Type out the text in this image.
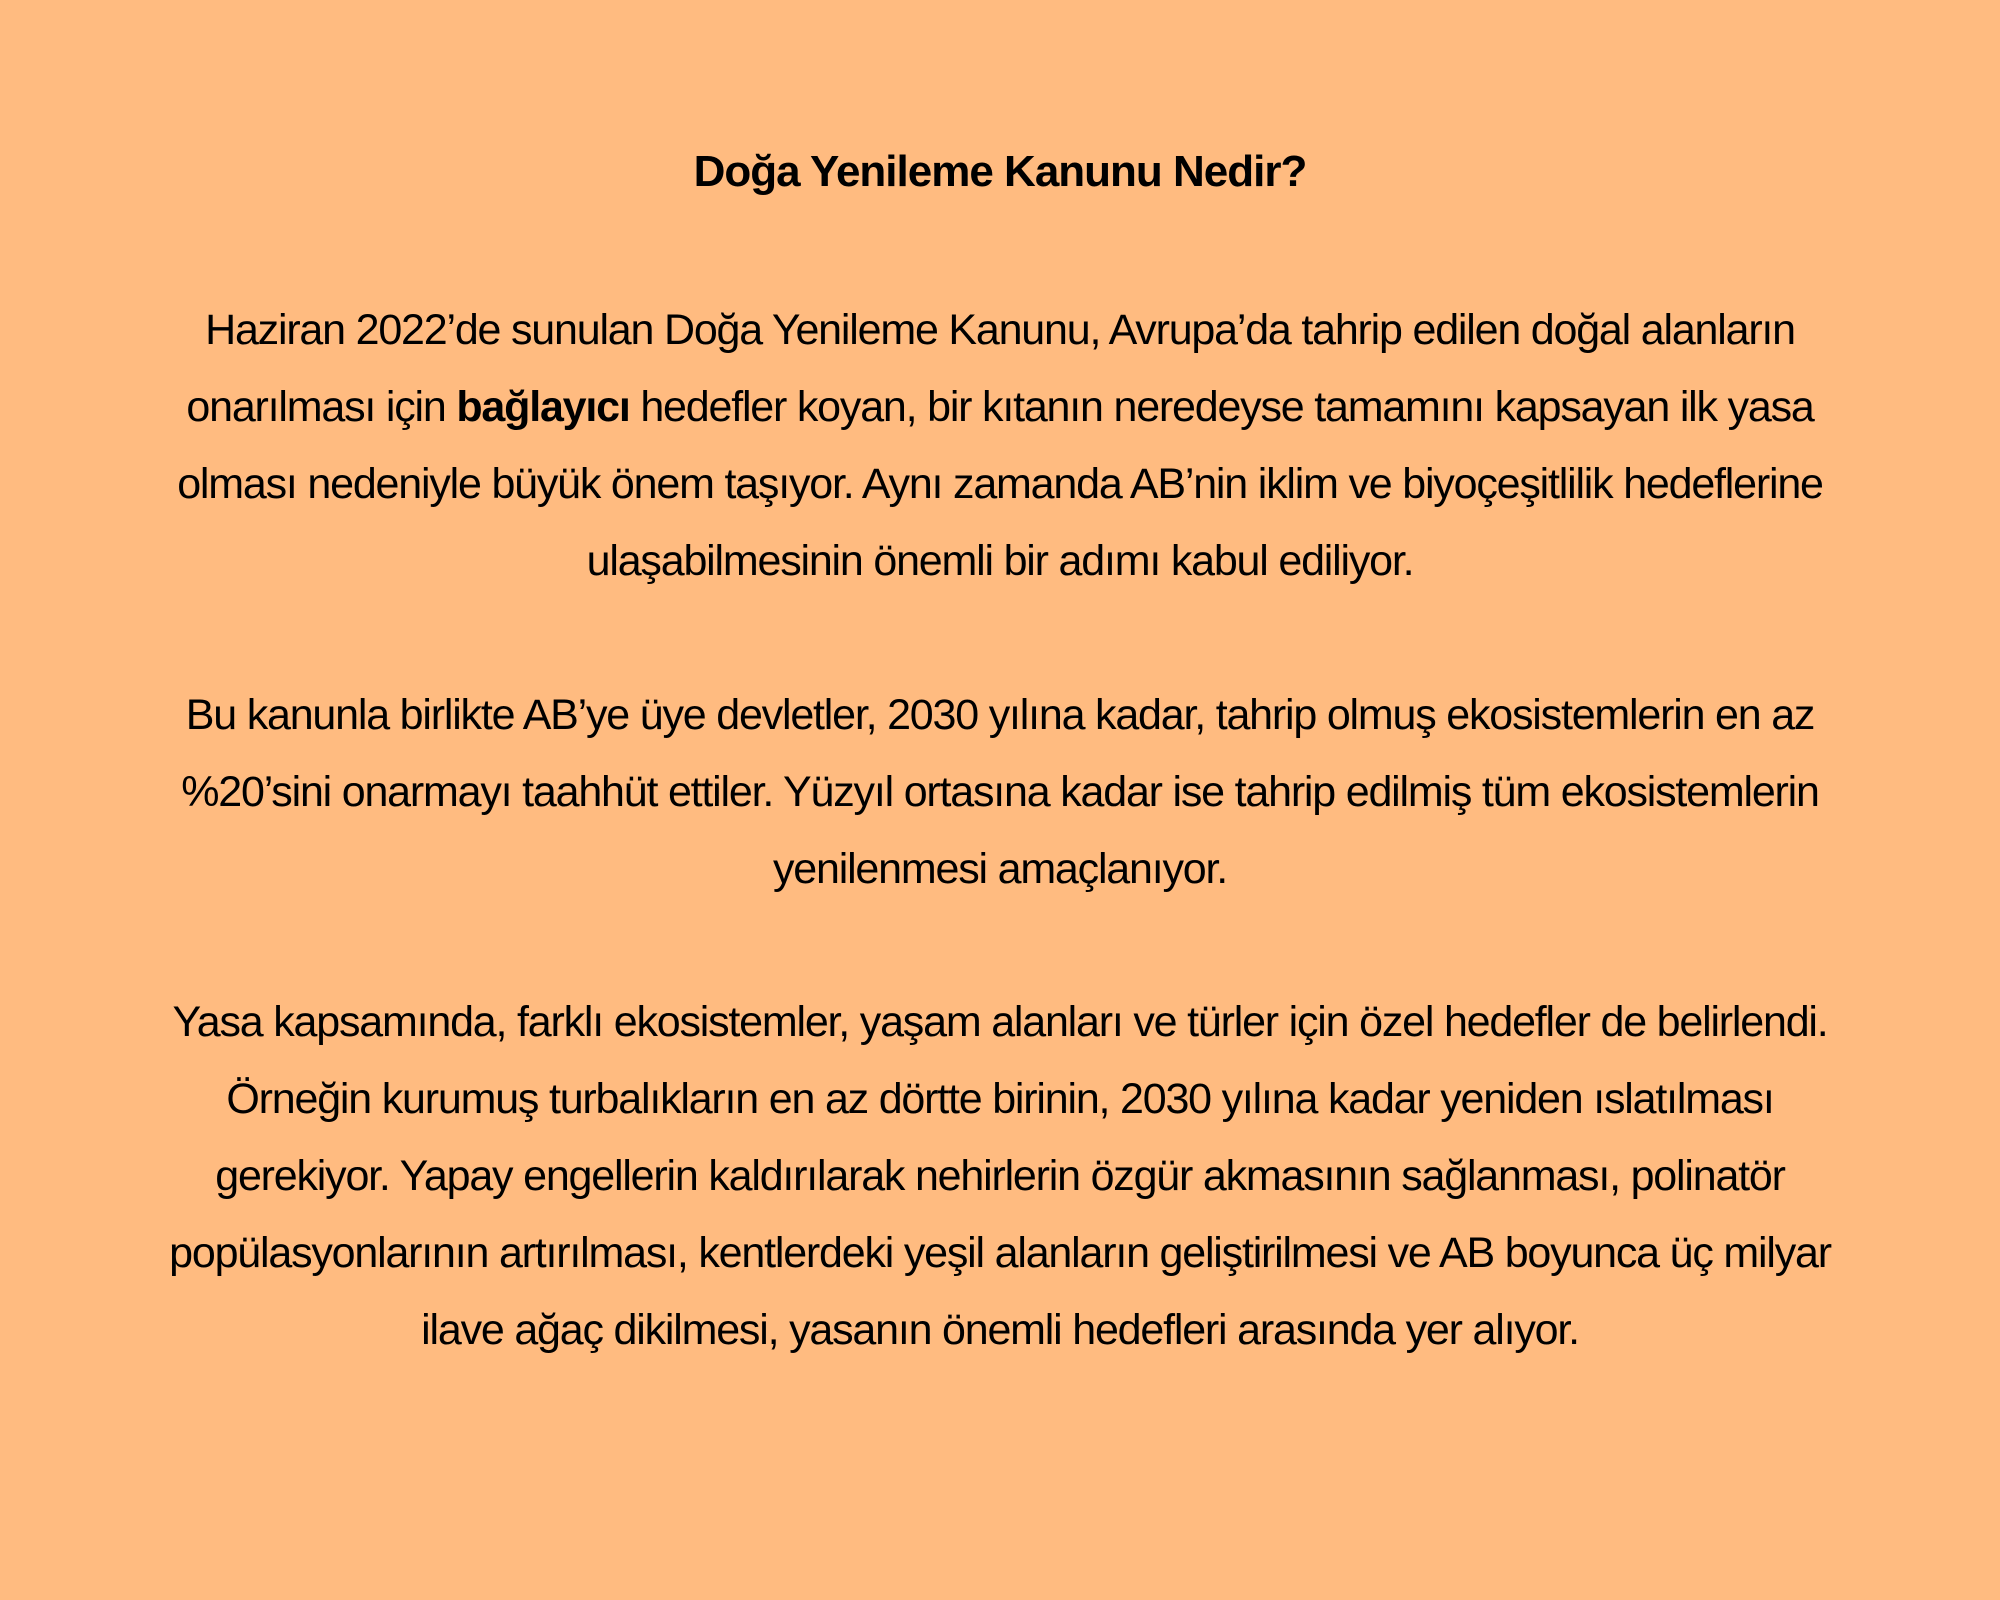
Doğa Yenileme Kanunu Nedir?
Haziran 2022’de sunulan Doğa Yenileme Kanunu, Avrupa’da tahrip edilen doğal alanların
onarılması için bağlayıcı hedefler koyan, bir kıtanın neredeyse tamamını kapsayan ilk yasa
olması nedeniyle büyük önem taşıyor. Aynı zamanda AB’nin iklim ve biyoçeşitlilik hedeflerine
ulaşabilmesinin önemli bir adımı kabul ediliyor.
Bu kanunla birlikte AB’ye üye devletler, 2030 yılına kadar, tahrip olmuş ekosistemlerin en az
%20’sini onarmayı taahhüt ettiler. Yüzyıl ortasına kadar ise tahrip edilmiş tüm ekosistemlerin
yenilenmesi amaçlanıyor.
Yasa kapsamında, farklı ekosistemler, yaşam alanları ve türler için özel hedefler de belirlendi.
Örneğin kurumuş turbalıkların en az dörtte birinin, 2030 yılına kadar yeniden ıslatılması
gerekiyor. Yapay engellerin kaldırılarak nehirlerin özgür akmasının sağlanması, polinatör
popülasyonlarının artırılması, kentlerdeki yeşil alanların geliştirilmesi ve AB boyunca üç milyar
ilave ağaç dikilmesi, yasanın önemli hedefleri arasında yer alıyor.
